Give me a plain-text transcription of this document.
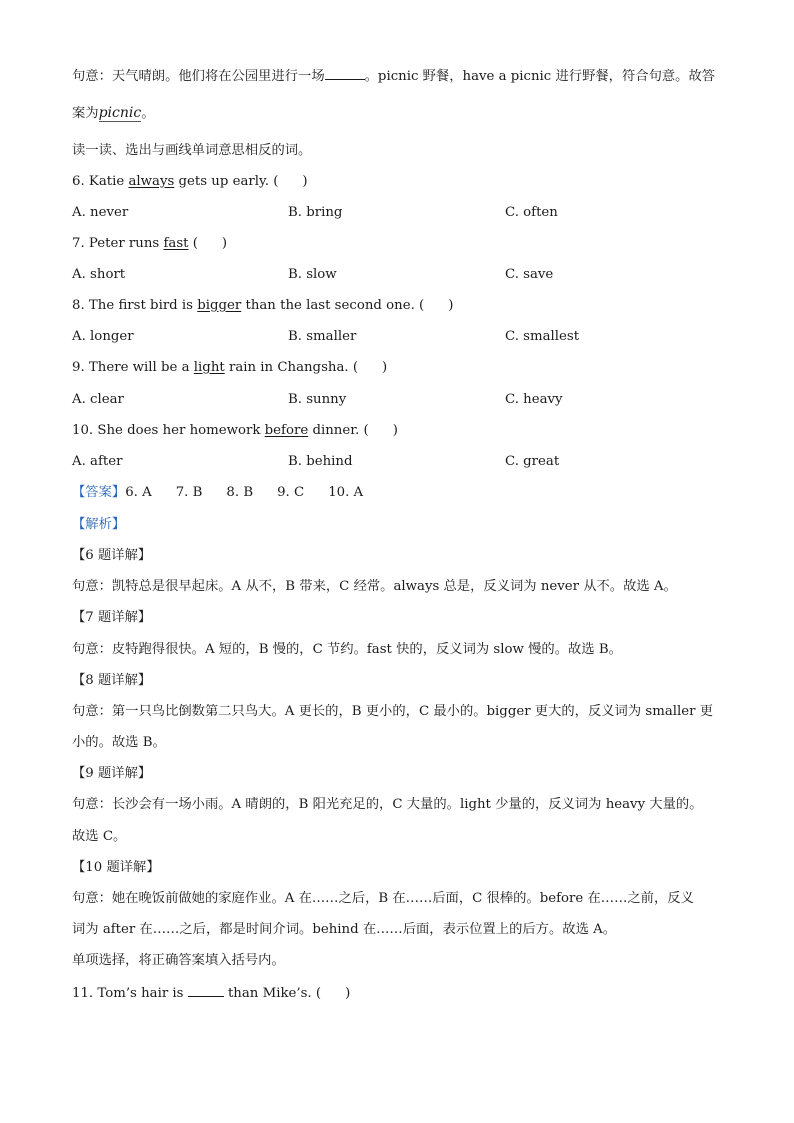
句意：天气晴朗。他们将在公园里进行一场	。picnic 野餐，have a picnic 进行野餐，符合句意。故答
案为picnic。
读一读、选出与画线单词意思相反的词。
6. Katie always gets up early. ( )
A. never	B. bring	C. often
7. Peter runs fast ( )
A. short	B. slow	C. save
8. The first bird is bigger than the last second one. ( )
A. longer	B. smaller	C. smallest
9. There will be a light rain in Changsha. ( )
A. clear	B. sunny	C. heavy
10. She does her homework before dinner. ( )
A. after	B. behind	C. great
【答案】6. A 7. B 8. B 9. C 10. A
【解析】
【6 题详解】
句意：凯特总是很早起床。A 从不，B 带来，C 经常。always 总是，反义词为 never 从不。故选 A。
【7 题详解】
句意：皮特跑得很快。A 短的，B 慢的，C 节约。fast 快的，反义词为 slow 慢的。故选 B。
【8 题详解】
句意：第一只鸟比倒数第二只鸟大。A 更长的，B 更小的，C 最小的。bigger 更大的，反义词为 smaller 更
小的。故选 B。
【9 题详解】
句意：长沙会有一场小雨。A 晴朗的，B 阳光充足的，C 大量的。light 少量的，反义词为 heavy 大量的。
故选 C。
【10 题详解】
句意：她在晚饭前做她的家庭作业。A 在……之后，B 在……后面，C 很棒的。before 在……之前，反义
词为 after 在……之后，都是时间介词。behind 在……后面，表示位置上的后方。故选 A。
单项选择，将正确答案填入括号内。
11. Tom’s hair is	than Mike’s. ( )
